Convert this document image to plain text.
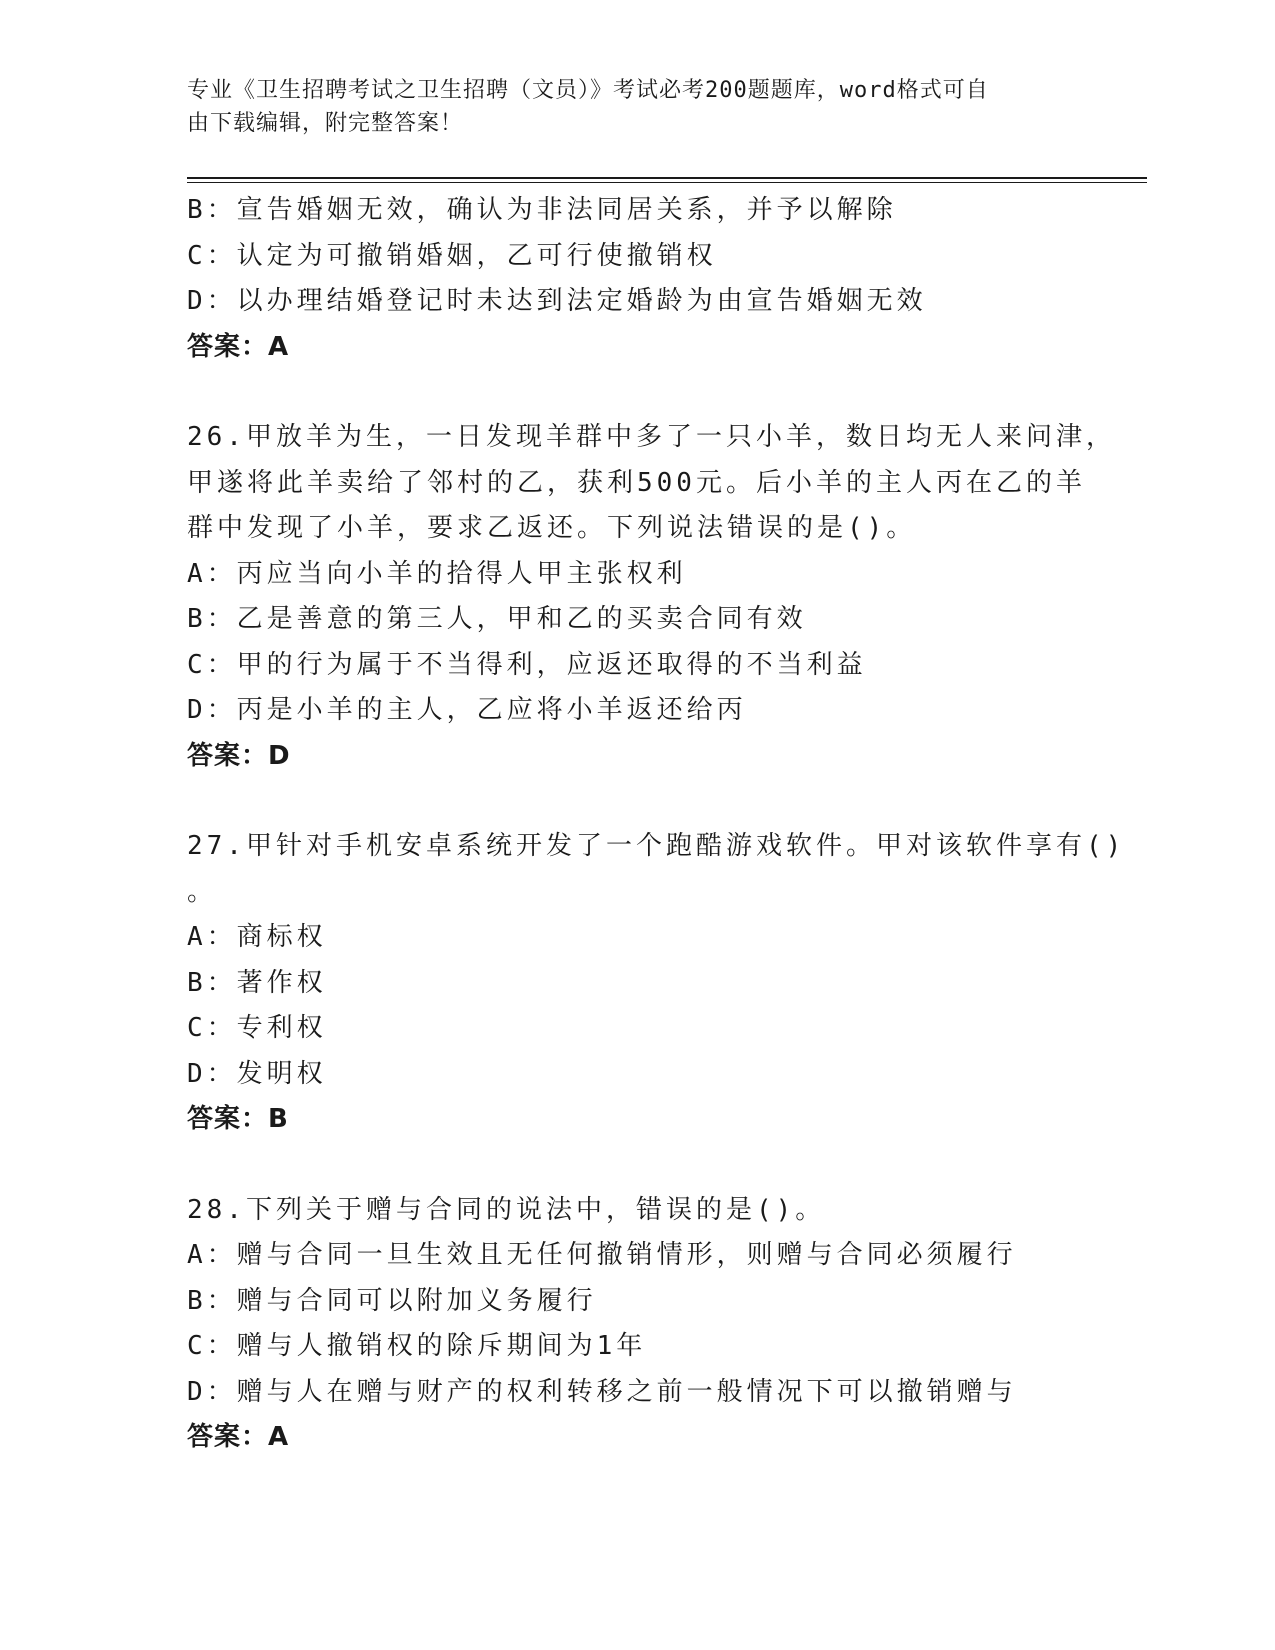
专业《卫生招聘考试之卫生招聘（文员）》考试必考200题题库，word格式可自
由下载编辑，附完整答案！
B：宣告婚姻无效，确认为非法同居关系，并予以解除
C：认定为可撤销婚姻，乙可行使撤销权
D：以办理结婚登记时未达到法定婚龄为由宣告婚姻无效
答案：A
26.甲放羊为生，一日发现羊群中多了一只小羊，数日均无人来问津，
甲遂将此羊卖给了邻村的乙，获利500元。后小羊的主人丙在乙的羊
群中发现了小羊，要求乙返还。下列说法错误的是()。
A：丙应当向小羊的拾得人甲主张权利
B：乙是善意的第三人，甲和乙的买卖合同有效
C：甲的行为属于不当得利，应返还取得的不当利益
D：丙是小羊的主人，乙应将小羊返还给丙
答案：D
27.甲针对手机安卓系统开发了一个跑酷游戏软件。甲对该软件享有()
。
A：商标权
B：著作权
C：专利权
D：发明权
答案：B
28.下列关于赠与合同的说法中，错误的是()。
A：赠与合同一旦生效且无任何撤销情形，则赠与合同必须履行
B：赠与合同可以附加义务履行
C：赠与人撤销权的除斥期间为1年
D：赠与人在赠与财产的权利转移之前一般情况下可以撤销赠与
答案：A
